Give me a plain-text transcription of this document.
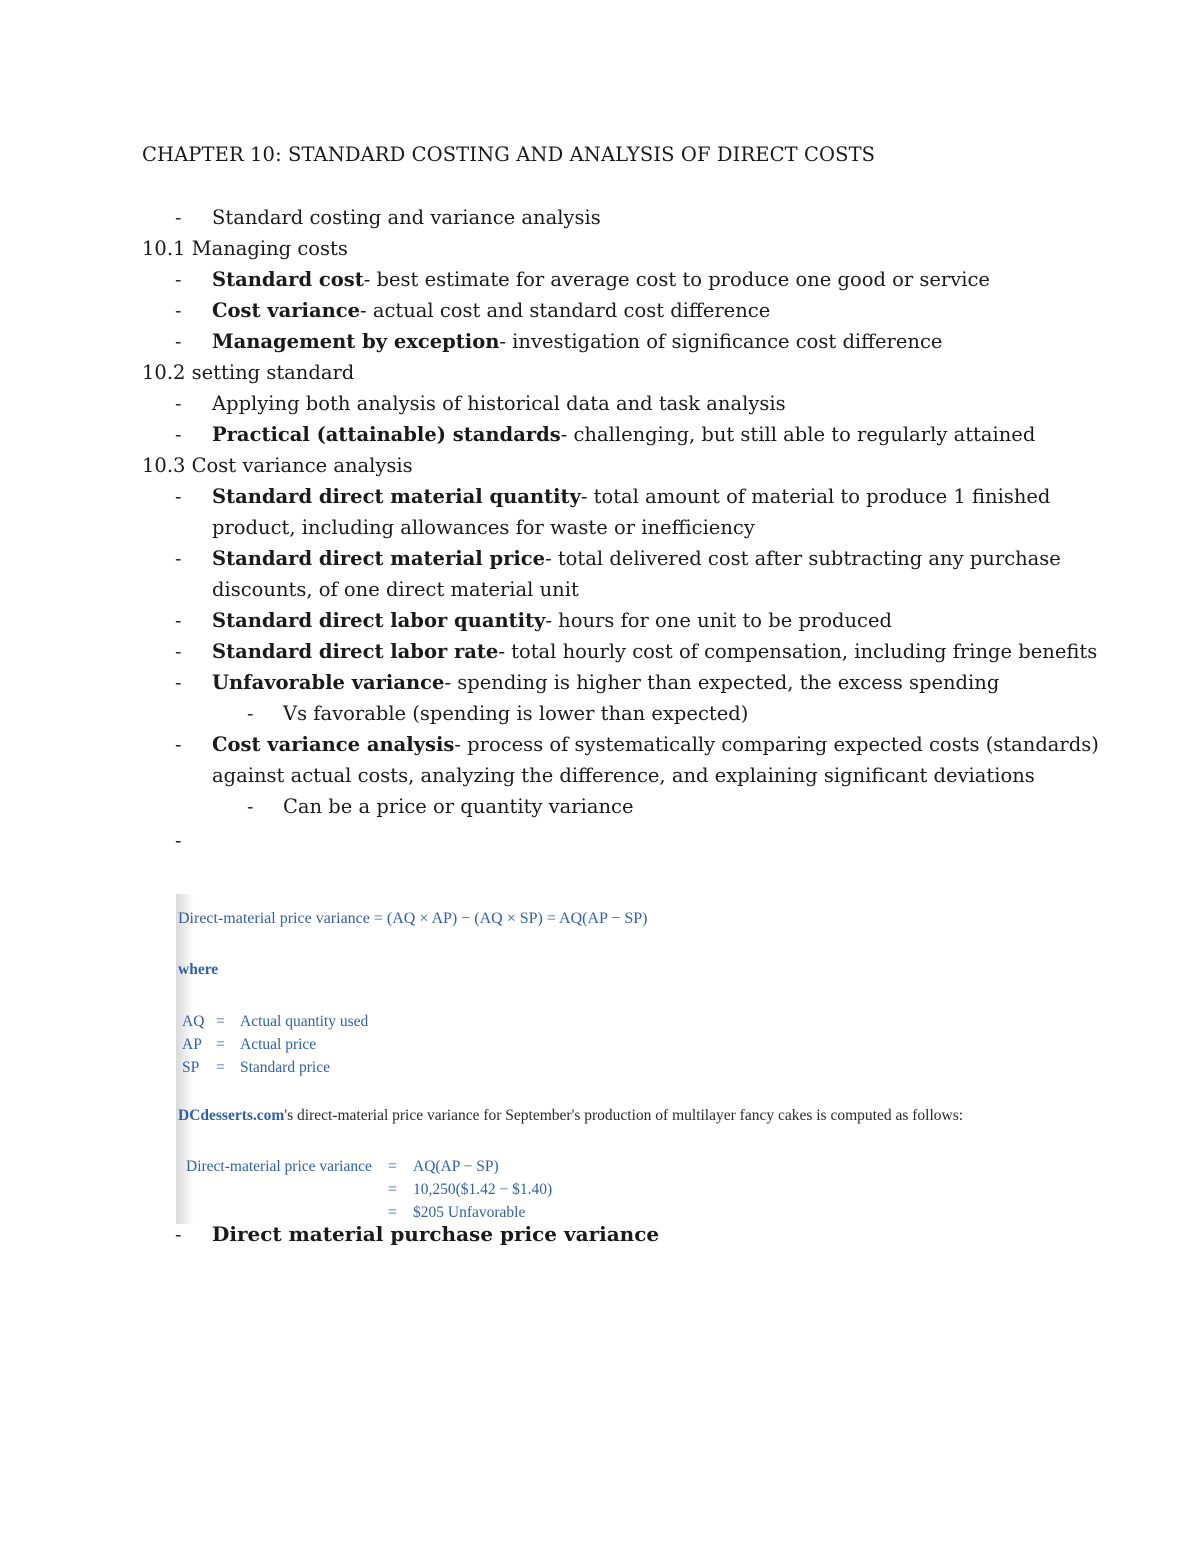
CHAPTER 10: STANDARD COSTING AND ANALYSIS OF DIRECT COSTS
- Standard costing and variance analysis
10.1 Managing costs
- Standard cost- best estimate for average cost to produce one good or service
- Cost variance- actual cost and standard cost difference
- Management by exception- investigation of significance cost difference
10.2 setting standard
- Applying both analysis of historical data and task analysis
- Practical (attainable) standards- challenging, but still able to regularly attained
10.3 Cost variance analysis
- Standard direct material quantity- total amount of material to produce 1 finished
product, including allowances for waste or inefficiency
- Standard direct material price- total delivered cost after subtracting any purchase
discounts, of one direct material unit
- Standard direct labor quantity- hours for one unit to be produced
- Standard direct labor rate- total hourly cost of compensation, including fringe benefits
- Unfavorable variance- spending is higher than expected, the excess spending
- Vs favorable (spending is lower than expected)
- Cost variance analysis- process of systematically comparing expected costs (standards)
against actual costs, analyzing the difference, and explaining significant deviations
- Can be a price or quantity variance
-
Direct-material price variance = (AQ × AP) − (AQ × SP) = AQ(AP − SP)
where
AQ = Actual quantity used
AP = Actual price
SP = Standard price
DCdesserts.com's direct-material price variance for September's production of multilayer fancy cakes is computed as follows:
Direct-material price variance = AQ(AP − SP)
= 10,250($1.42 − $1.40)
= $205 Unfavorable
- Direct material purchase price variance
